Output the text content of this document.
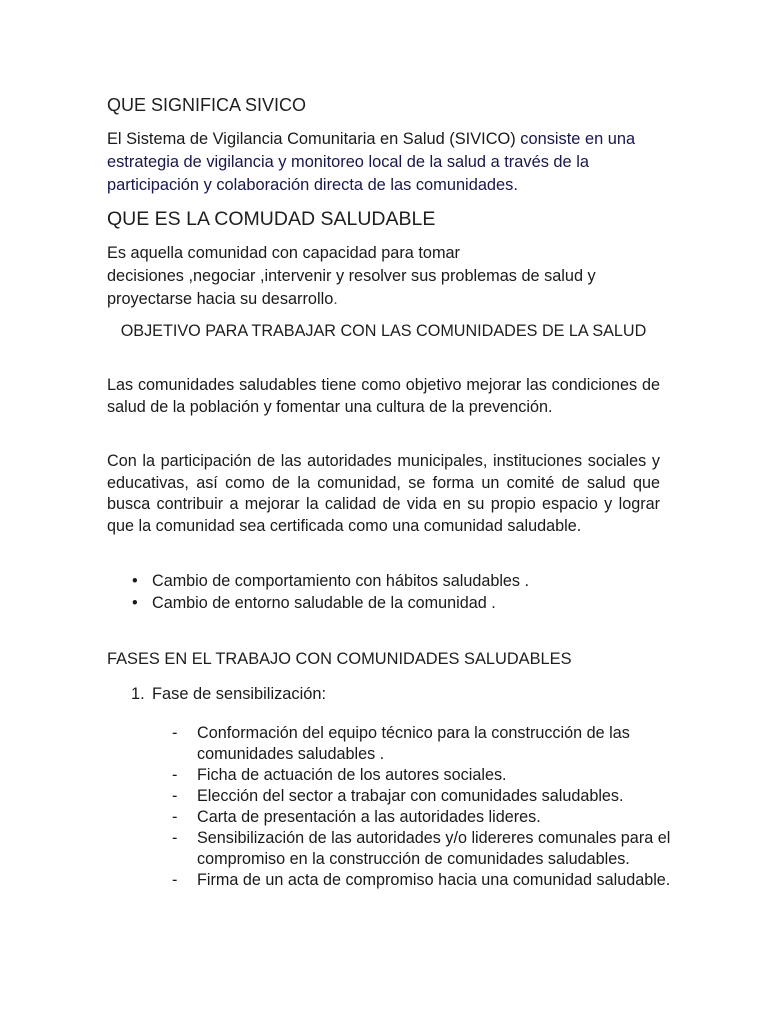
QUE SIGNIFICA SIVICO

El Sistema de Vigilancia Comunitaria en Salud (SIVICO) consiste en una estrategia de vigilancia y monitoreo local de la salud a través de la participación y colaboración directa de las comunidades.

QUE ES LA COMUDAD SALUDABLE

Es aquella comunidad con capacidad para tomar
decisiones ,negociar ,intervenir y resolver sus problemas de salud y
proyectarse hacia su desarrollo.

OBJETIVO PARA TRABAJAR CON LAS COMUNIDADES DE LA SALUD

Las comunidades saludables tiene como objetivo mejorar las condiciones de salud de la población y fomentar una cultura de la prevención.

Con la participación de las autoridades municipales, instituciones sociales y educativas, así como de la comunidad, se forma un comité de salud que busca contribuir a mejorar la calidad de vida en su propio espacio y lograr que la comunidad sea certificada como una comunidad saludable.

• Cambio de comportamiento con hábitos saludables .
• Cambio de entorno saludable de la comunidad .

FASES EN EL TRABAJO CON COMUNIDADES SALUDABLES

1. Fase de sensibilización:
- Conformación del equipo técnico para la construcción de las comunidades saludables .
- Ficha de actuación de los autores sociales.
- Elección del sector a trabajar con comunidades saludables.
- Carta de presentación a las autoridades lideres.
- Sensibilización de las autoridades y/o lidereres comunales para el compromiso en la construcción de comunidades saludables.
- Firma de un acta de compromiso hacia una comunidad saludable.
